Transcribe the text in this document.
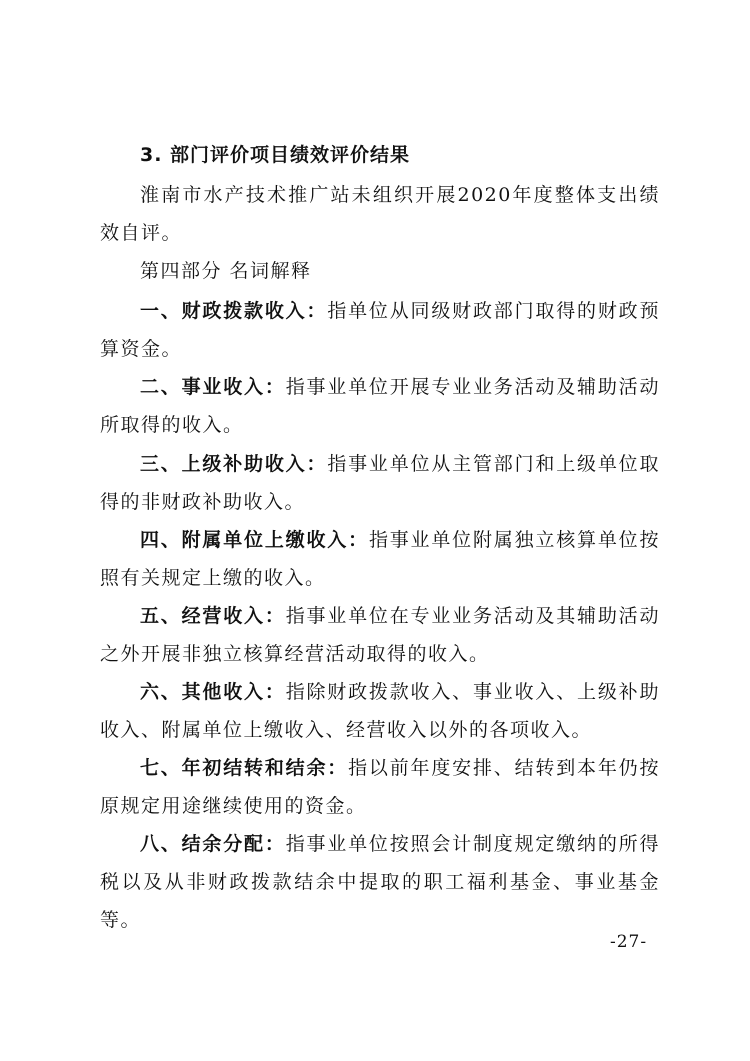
3. 部门评价项目绩效评价结果
淮南市水产技术推广站未组织开展2020年度整体支出绩效自评。
第四部分 名词解释
一、财政拨款收入：指单位从同级财政部门取得的财政预算资金。
二、事业收入：指事业单位开展专业业务活动及辅助活动所取得的收入。
三、上级补助收入：指事业单位从主管部门和上级单位取得的非财政补助收入。
四、附属单位上缴收入：指事业单位附属独立核算单位按照有关规定上缴的收入。
五、经营收入：指事业单位在专业业务活动及其辅助活动之外开展非独立核算经营活动取得的收入。
六、其他收入：指除财政拨款收入、事业收入、上级补助收入、附属单位上缴收入、经营收入以外的各项收入。
七、年初结转和结余：指以前年度安排、结转到本年仍按原规定用途继续使用的资金。
八、结余分配：指事业单位按照会计制度规定缴纳的所得税以及从非财政拨款结余中提取的职工福利基金、事业基金等。
-27-
